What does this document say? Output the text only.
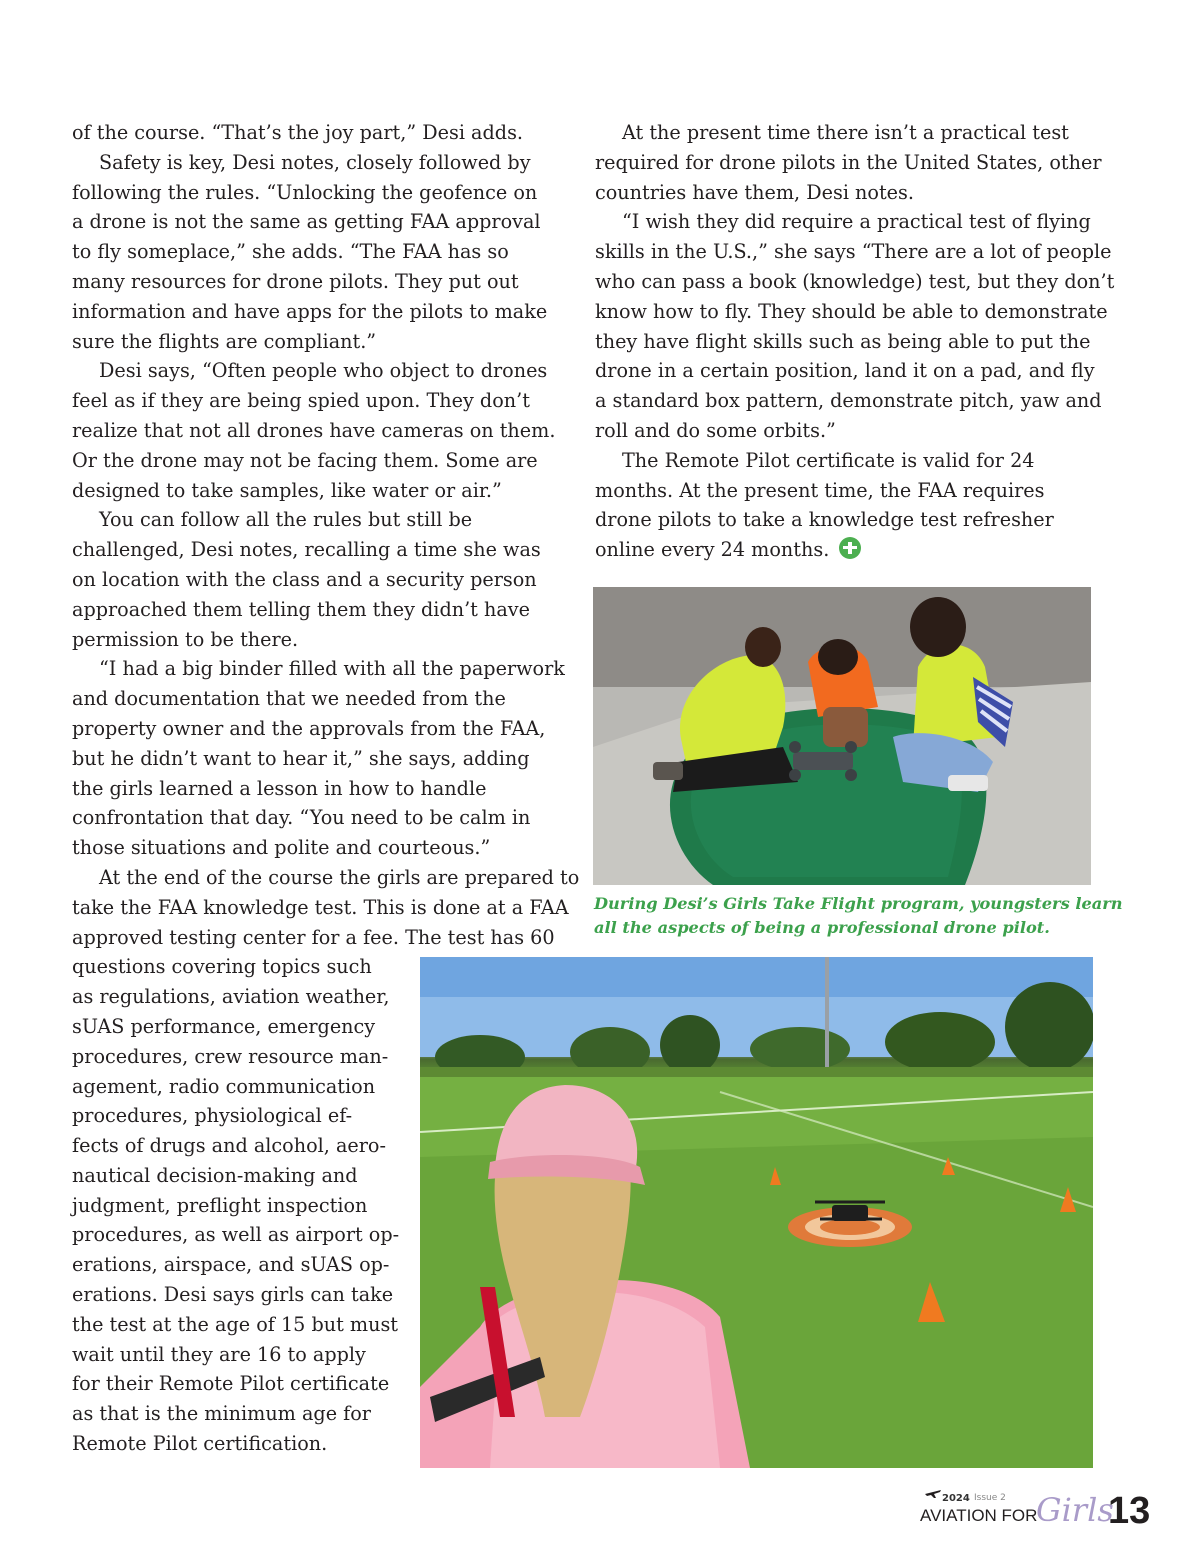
of the course. “That’s the joy part,” Desi adds.

Safety is key, Desi notes, closely followed by

following the rules. “Unlocking the geofence on

a drone is not the same as getting FAA approval

to fly someplace,” she adds. “The FAA has so

many resources for drone pilots. They put out

information and have apps for the pilots to make

sure the flights are compliant.”

Desi says, “Often people who object to drones

feel as if they are being spied upon. They don’t

realize that not all drones have cameras on them.

Or the drone may not be facing them. Some are

designed to take samples, like water or air.”

You can follow all the rules but still be

challenged, Desi notes, recalling a time she was

on location with the class and a security person

approached them telling them they didn’t have

permission to be there.

“I had a big binder filled with all the paperwork

and documentation that we needed from the

property owner and the approvals from the FAA,

but he didn’t want to hear it,” she says, adding

the girls learned a lesson in how to handle

confrontation that day. “You need to be calm in

those situations and polite and courteous.”

At the end of the course the girls are prepared to

take the FAA knowledge test. This is done at a FAA

approved testing center for a fee. The test has 60

questions covering topics such

as regulations, aviation weather,

sUAS performance, emergency

procedures, crew resource man-

agement, radio communication

procedures, physiological ef-

fects of drugs and alcohol, aero-

nautical decision-making and

judgment, preflight inspection

procedures, as well as airport op-

erations, airspace, and sUAS op-

erations. Desi says girls can take

the test at the age of 15 but must

wait until they are 16 to apply

for their Remote Pilot certificate

as that is the minimum age for

Remote Pilot certification.

At the present time there isn’t a practical test

required for drone pilots in the United States, other

countries have them, Desi notes.

“I wish they did require a practical test of flying

skills in the U.S.,” she says “There are a lot of people

who can pass a book (knowledge) test, but they don’t

know how to fly. They should be able to demonstrate

they have flight skills such as being able to put the

drone in a certain position, land it on a pad, and fly

a standard box pattern, demonstrate pitch, yaw and

roll and do some orbits.”

The Remote Pilot certificate is valid for 24

months. At the present time, the FAA requires

drone pilots to take a knowledge test refresher

online every 24 months.

During Desi’s Girls Take Flight program, youngsters learn

all the aspects of being a professional drone pilot.

2024 Issue 2
AVIATION FOR
Girls
13
